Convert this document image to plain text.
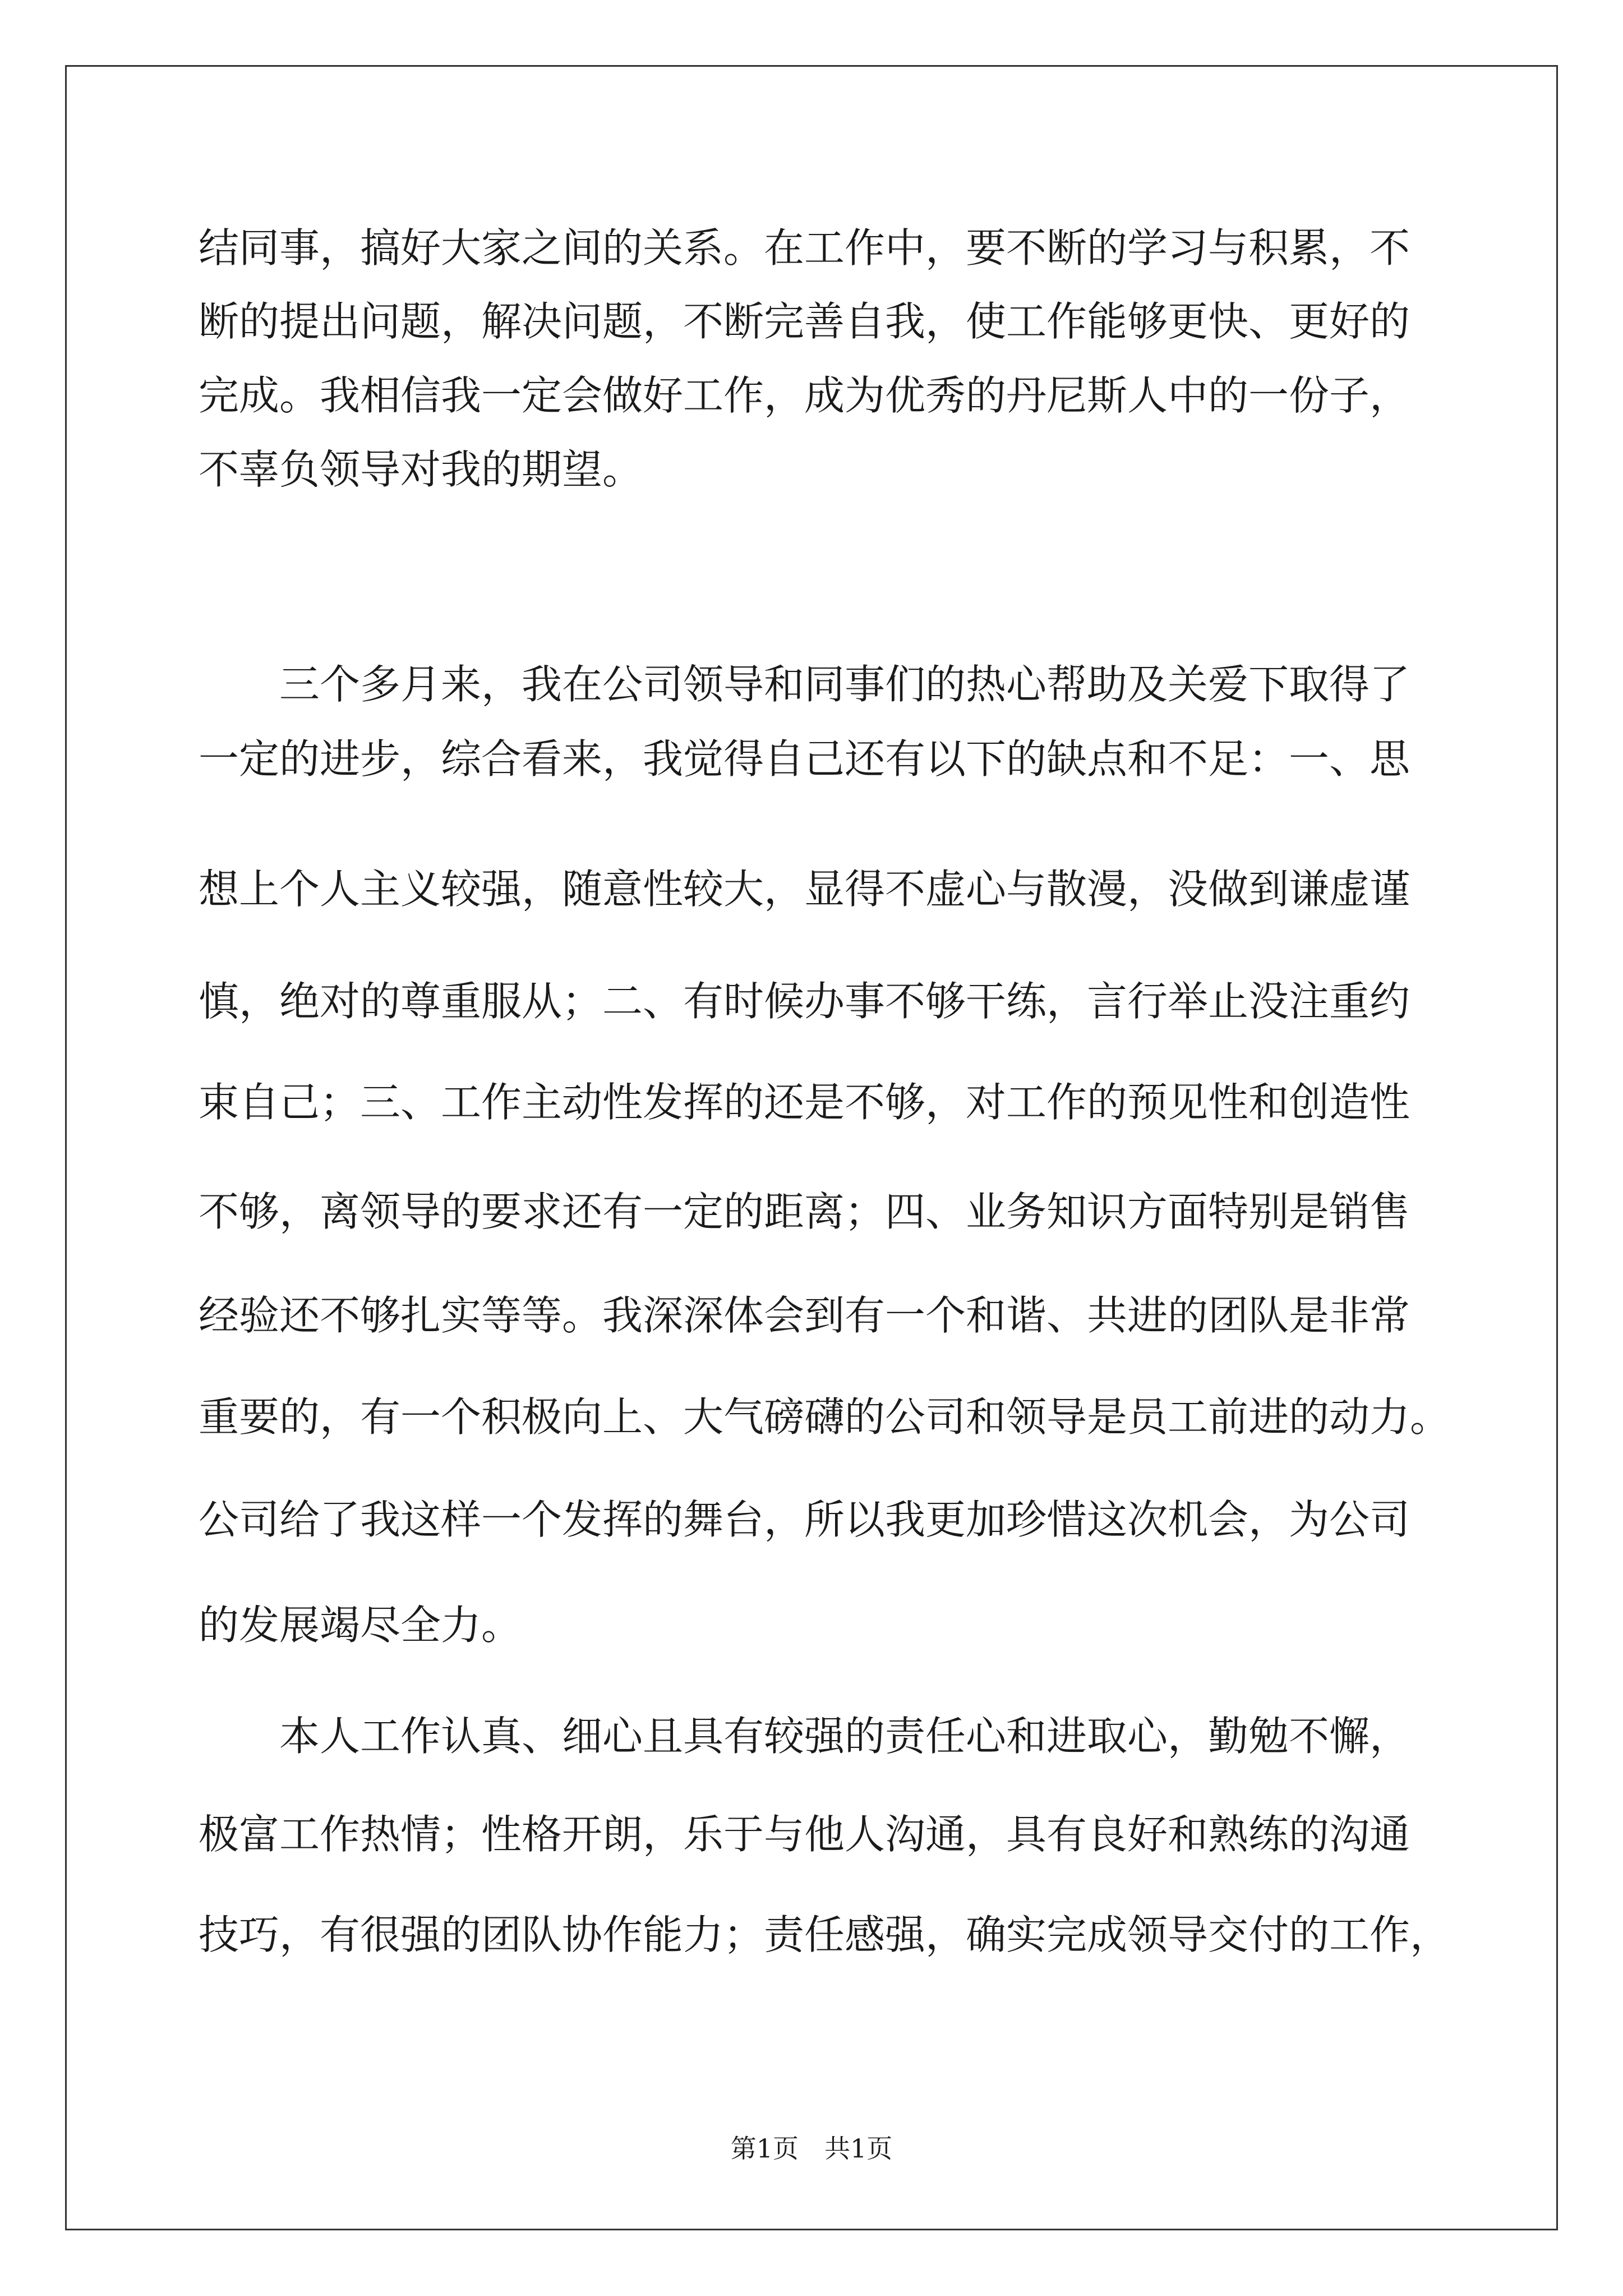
结同事，搞好大家之间的关系。在工作中，要不断的学习与积累，不
断的提出问题，解决问题，不断完善自我，使工作能够更快、更好的
完成。我相信我一定会做好工作，成为优秀的丹尼斯人中的一份子，
不辜负领导对我的期望。
三个多月来，我在公司领导和同事们的热心帮助及关爱下取得了
一定的进步，综合看来，我觉得自己还有以下的缺点和不足：一、思
想上个人主义较强，随意性较大，显得不虚心与散漫，没做到谦虚谨
慎，绝对的尊重服从；二、有时候办事不够干练，言行举止没注重约
束自己；三、工作主动性发挥的还是不够，对工作的预见性和创造性
不够，离领导的要求还有一定的距离；四、业务知识方面特别是销售
经验还不够扎实等等。我深深体会到有一个和谐、共进的团队是非常
重要的，有一个积极向上、大气磅礴的公司和领导是员工前进的动力。
公司给了我这样一个发挥的舞台，所以我更加珍惜这次机会，为公司
的发展竭尽全力。
本人工作认真、细心且具有较强的责任心和进取心，勤勉不懈，
极富工作热情；性格开朗，乐于与他人沟通，具有良好和熟练的沟通
技巧，有很强的团队协作能力；责任感强，确实完成领导交付的工作，
第1页　共1页
